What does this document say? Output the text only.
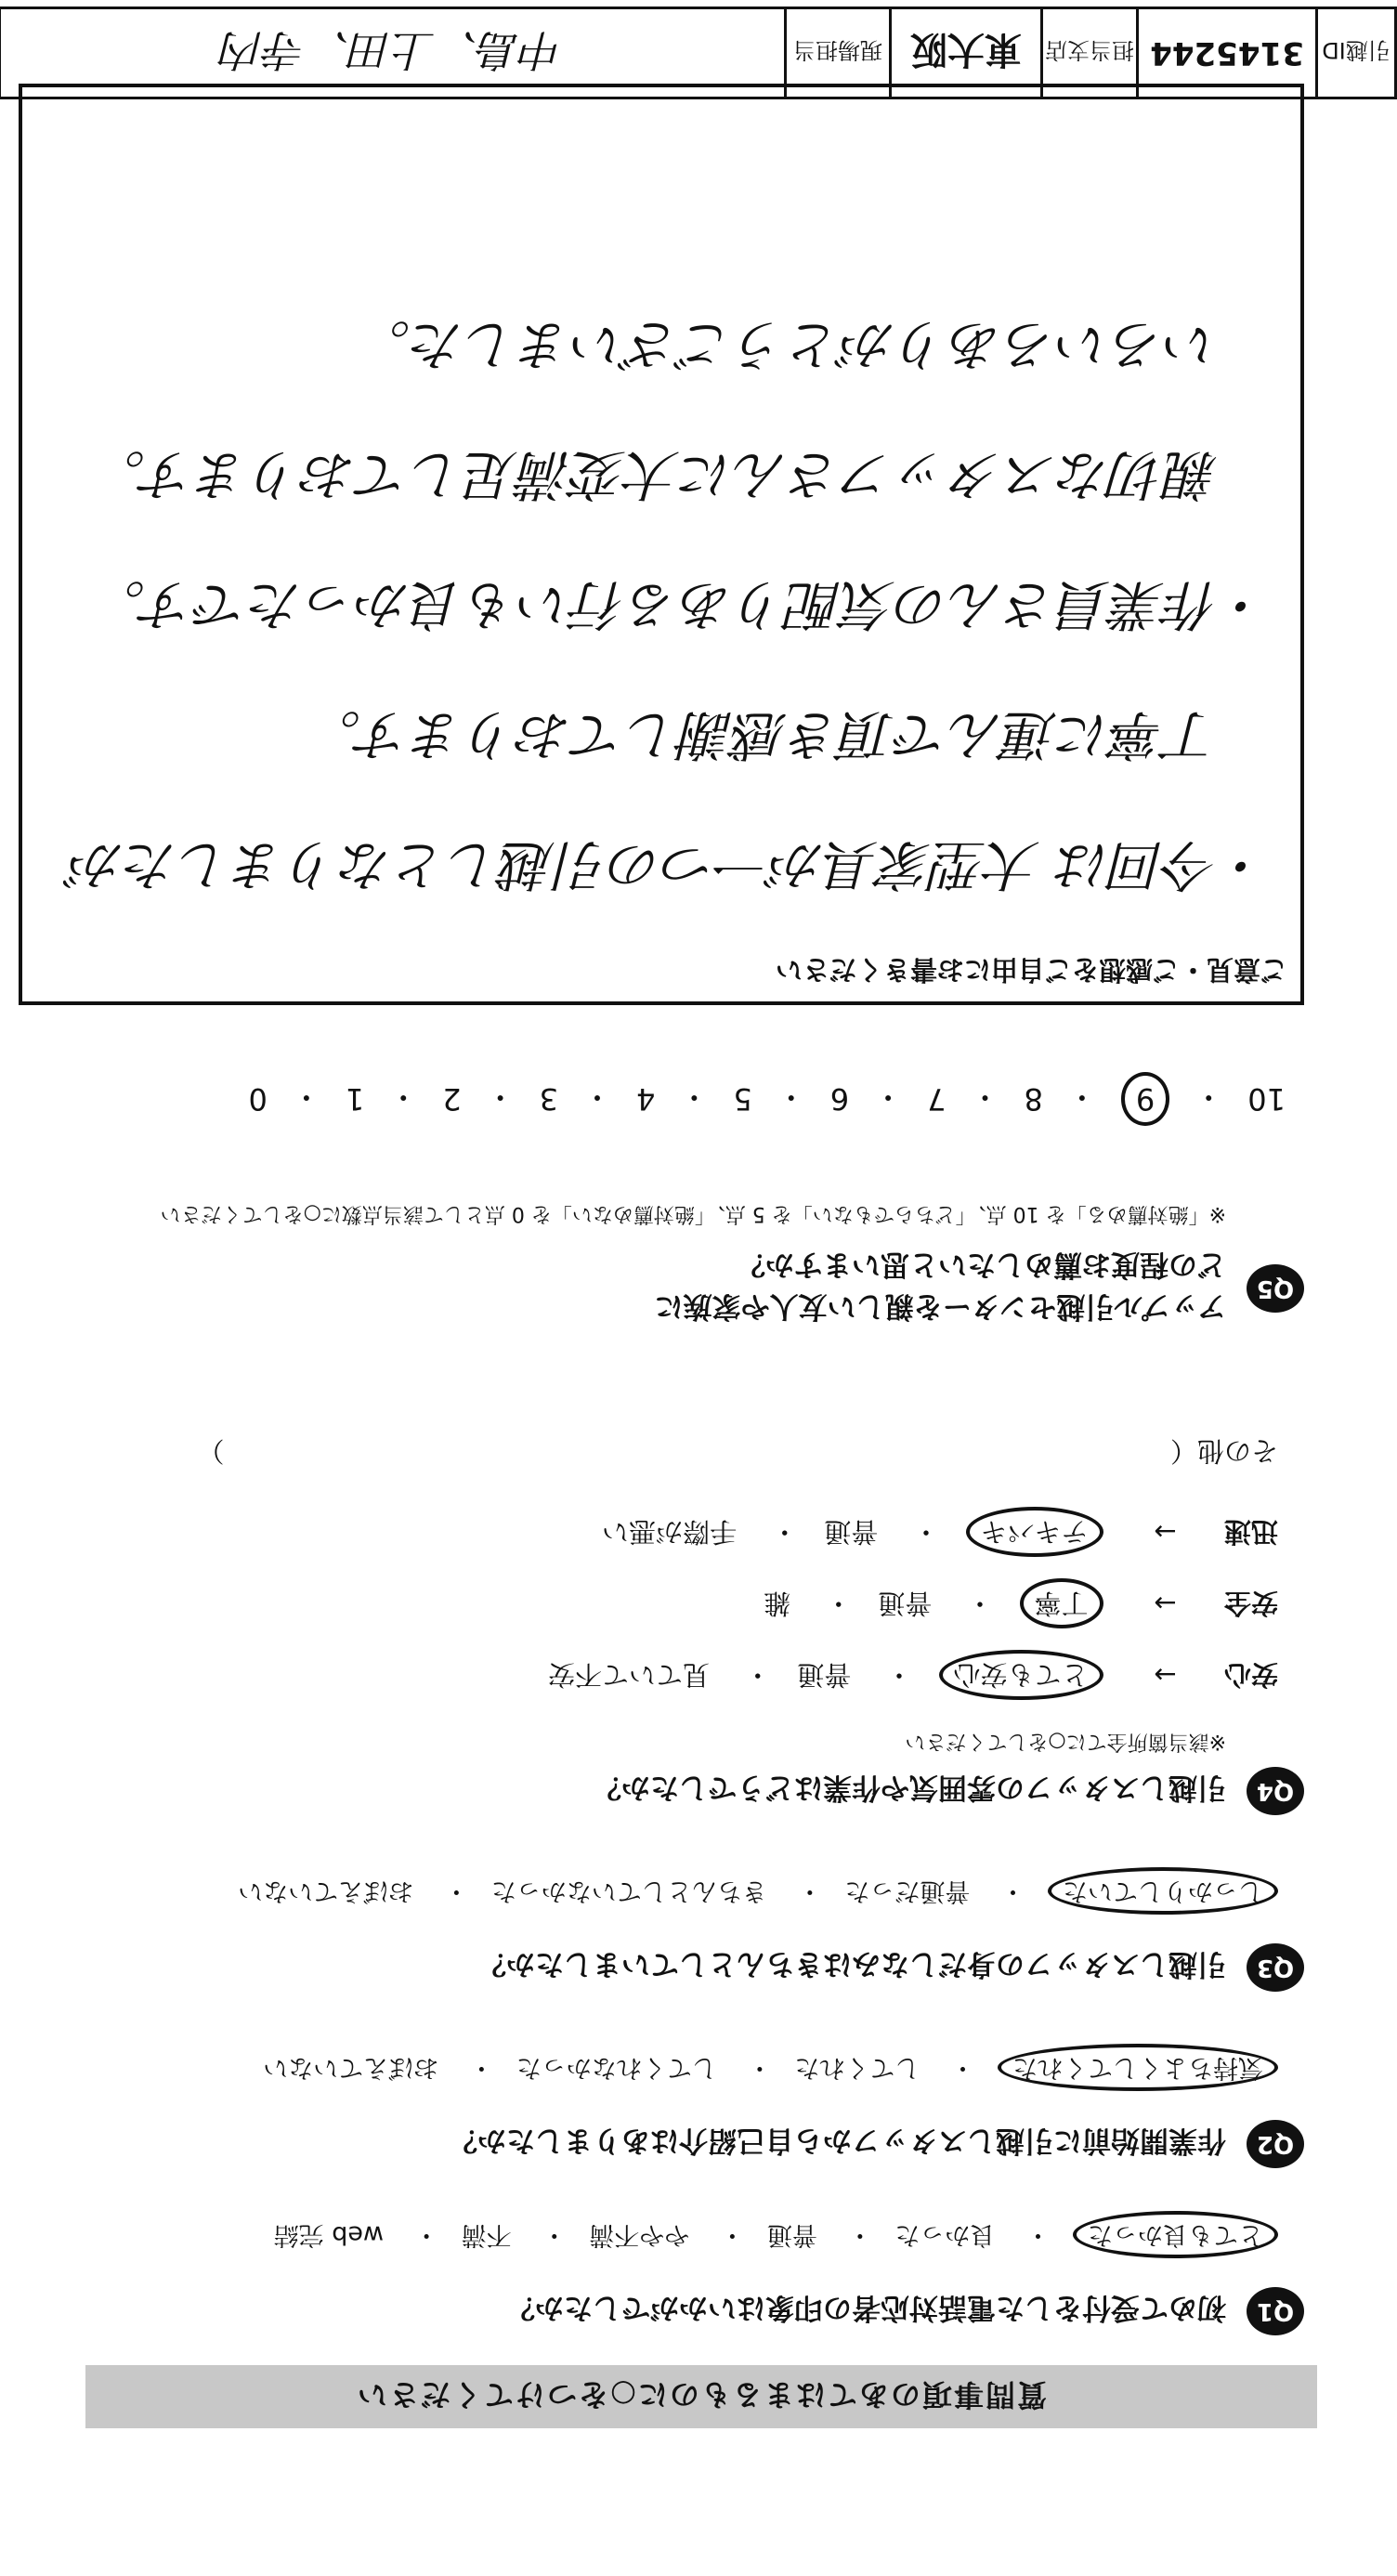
質問事項のあてはまるものに○をつけてください
Q1
初めて受付をした電話対応者の印象はいかがでしたか？
とても良かった・ 良かった・ 普通・ やや不満・ 不満・ web 完結
Q2
作業開始前に引越しスタッフから自己紹介はありましたか？
気持ちよくしてくれた・ してくれた・ してくれなかった・ おぼえていない
Q3
引越しスタッフの身だしなみはきちんとしていましたか？
しっかりしていた・ 普通だった・ きちんとしていなかった・ おぼえていない
Q4
引越しスタッフの雰囲気や作業はどうでしたか？
※該当箇所全てに○をしてください
安心 → とても安心・ 普通・ 見ていて不安
安全 → 丁寧・ 普通・ 雑
迅速 → テキパキ・ 普通・ 手際が悪い
その他（  ）
Q5
アップル引越センターを親しい友人や家族に
どの程度お薦めしたいと思いますか？
※「絶対薦める」を 10 点、「どちらでもない」を 5 点、「絶対薦めない」を 0 点として該当点数に○をしてください
10
・
9
・
8
・
7
・
6
・
5
・
4
・
3
・
2
・
1
・
0
ご意見・ご感想をご自由にお書きください
・今回は 大型家具が一つの引越しとなりましたが
　丁寧に運んで頂き感謝しております。
・作業員さんの気配りある行いも良かったです。
　親切なスタッフさんに大変満足しております。
　いろいろありがとうございました。
引越ID
3145244
担当支店
東大阪
現場担当
中島、上田、寺内
